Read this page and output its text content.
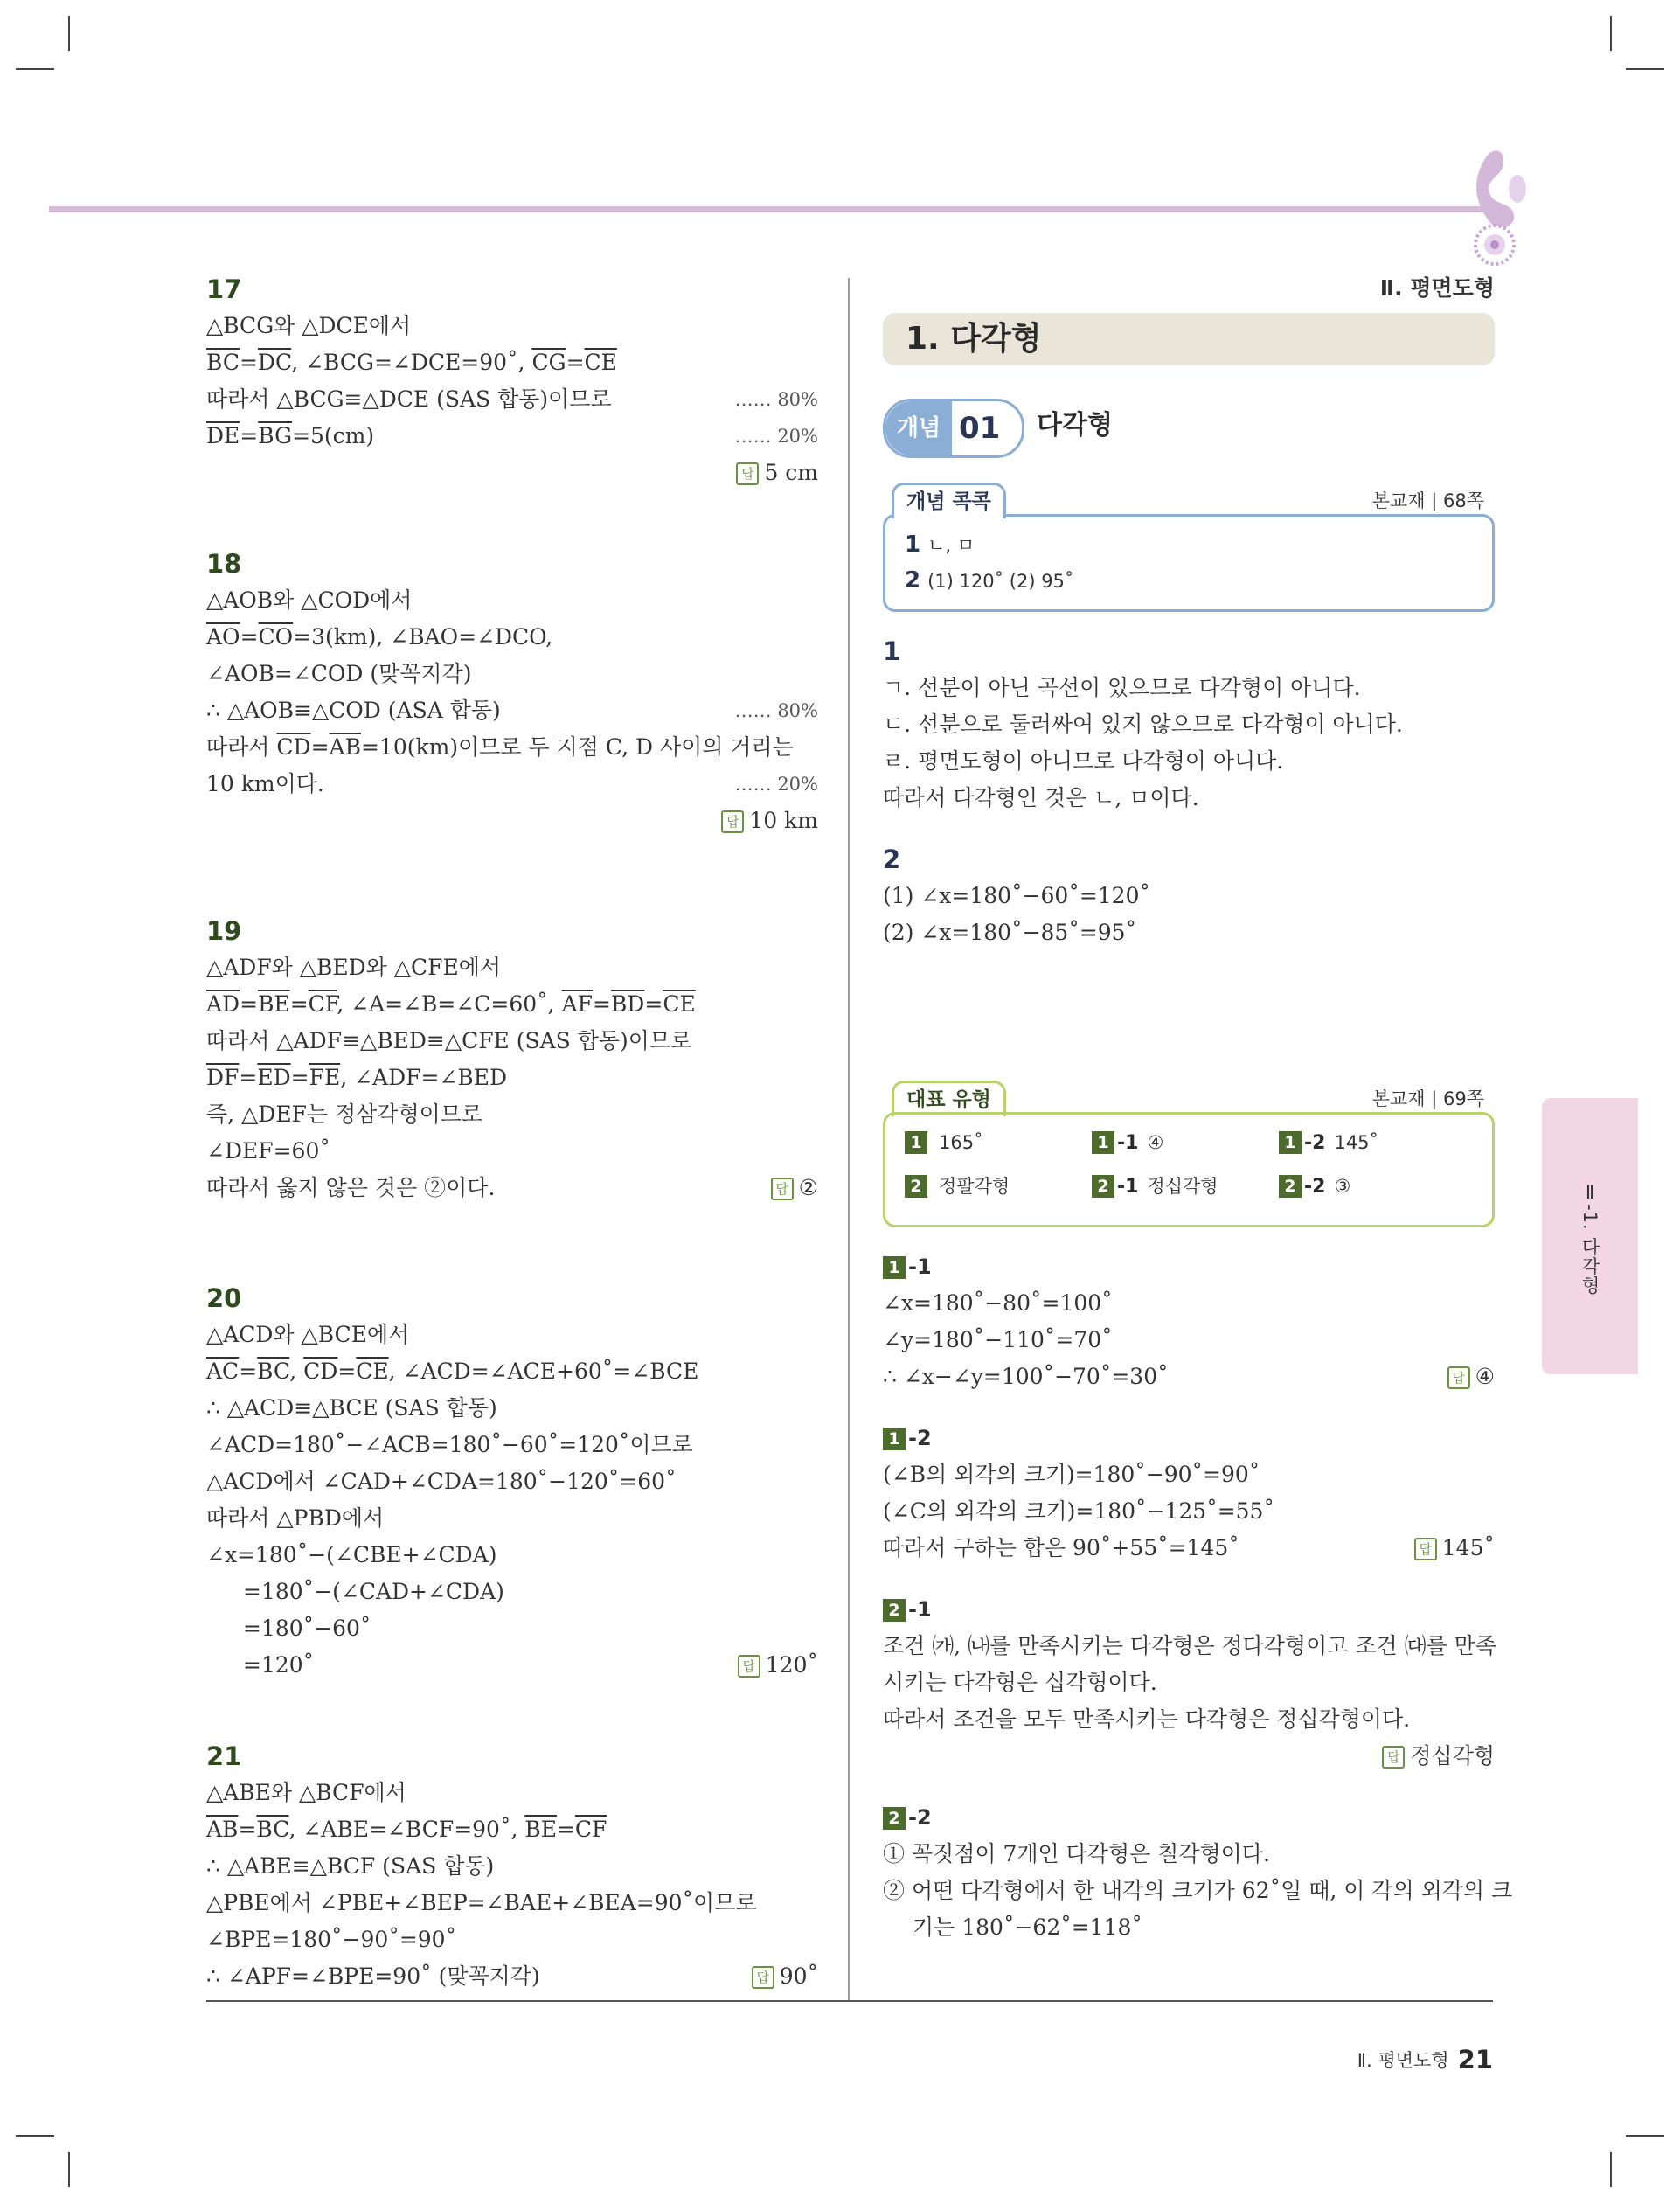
17
△BCG와 △DCE에서
$\overline{BC}=\overline{DC}$, ∠BCG=∠DCE=90˚, $\overline{CG}=\overline{CE}$
따라서 △BCG≡△DCE (SAS 합동)이므로	…… 80%
$\overline{DE}=\overline{BG}=5(cm)$	…… 20%
답 5 cm
18
△AOB와 △COD에서
$\overline{AO}=\overline{CO}=3(km)$, ∠BAO=∠DCO,
∠AOB=∠COD (맞꼭지각)
∴ △AOB≡△COD (ASA 합동)	…… 80%
따라서 $\overline{CD}=\overline{AB}=10(km)$이므로 두 지점 C, D 사이의 거리는
10 km이다.	…… 20%
답 10 km
19
△ADF와 △BED와 △CFE에서
$\overline{AD}=\overline{BE}=\overline{CF}$, ∠A=∠B=∠C=60˚, $\overline{AF}=\overline{BD}=\overline{CE}$
따라서 △ADF≡△BED≡△CFE (SAS 합동)이므로
$\overline{DF}=\overline{ED}=\overline{FE}$, ∠ADF=∠BED
즉, △DEF는 정삼각형이므로
∠DEF=60˚
따라서 옳지 않은 것은 ②이다.	답 ②
20
△ACD와 △BCE에서
$\overline{AC}=\overline{BC}$, $\overline{CD}=\overline{CE}$, ∠ACD=∠ACE+60˚=∠BCE
∴ △ACD≡△BCE (SAS 합동)
∠ACD=180˚−∠ACB=180˚−60˚=120˚이므로
△ACD에서 ∠CAD+∠CDA=180˚−120˚=60˚
따라서 △PBD에서
∠x=180˚−(∠CBE+∠CDA)
=180˚−(∠CAD+∠CDA)
=180˚−60˚
=120˚	답 120˚
21
△ABE와 △BCF에서
$\overline{AB}=\overline{BC}$, ∠ABE=∠BCF=90˚, $\overline{BE}=\overline{CF}$
∴ △ABE≡△BCF (SAS 합동)
△PBE에서 ∠PBE+∠BEP=∠BAE+∠BEA=90˚이므로
∠BPE=180˚−90˚=90˚
∴ ∠APF=∠BPE=90˚ (맞꼭지각)	답 90˚
Ⅱ. 평면도형
1. 다각형
개념 01 다각형
개념 콕콕	본교재 | 68쪽
1 ㄴ, ㅁ
2 (1) 120˚ (2) 95˚
1
ㄱ. 선분이 아닌 곡선이 있으므로 다각형이 아니다.
ㄷ. 선분으로 둘러싸여 있지 않으므로 다각형이 아니다.
ㄹ. 평면도형이 아니므로 다각형이 아니다.
따라서 다각형인 것은 ㄴ, ㅁ이다.
2
(1) ∠x=180˚−60˚=120˚
(2) ∠x=180˚−85˚=95˚
대표 유형	본교재 | 69쪽
1 165˚	1 -1 ④	1 -2 145˚
2 정팔각형	2 -1 정십각형	2 -2 ③
1 -1
∠x=180˚−80˚=100˚
∠y=180˚−110˚=70˚
∴ ∠x−∠y=100˚−70˚=30˚	답 ④
1 -2
(∠B의 외각의 크기)=180˚−90˚=90˚
(∠C의 외각의 크기)=180˚−125˚=55˚
따라서 구하는 합은 90˚+55˚=145˚	답 145˚
2 -1
조건 ㈎, ㈏를 만족시키는 다각형은 정다각형이고 조건 ㈐를 만족
시키는 다각형은 십각형이다.
따라서 조건을 모두 만족시키는 다각형은 정십각형이다.
답 정십각형
2 -2
① 꼭짓점이 7개인 다각형은 칠각형이다.
② 어떤 다각형에서 한 내각의 크기가 62˚일 때, 이 각의 외각의 크
기는 180˚−62˚=118˚
Ⅱ-1. 다각형
Ⅱ. 평면도형 21
